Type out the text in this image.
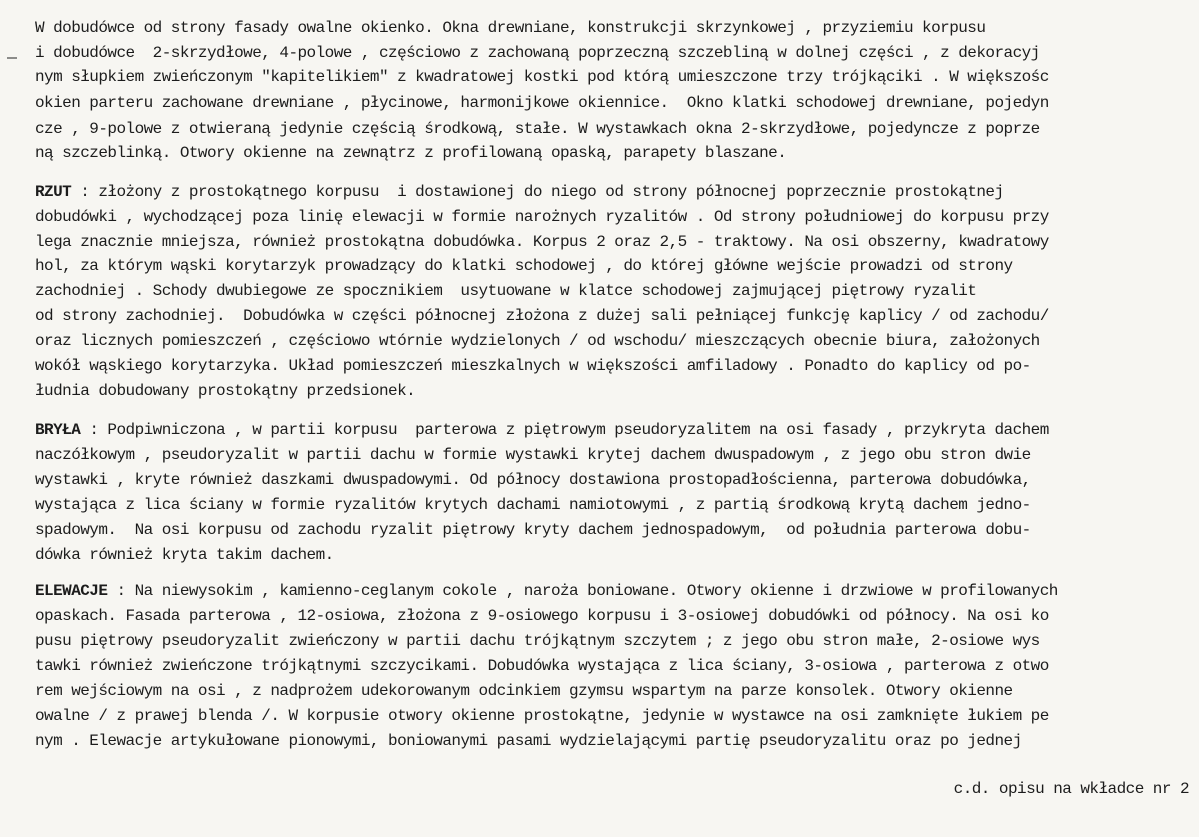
W dobudówce od strony fasady owalne okienko. Okna drewniane, konstrukcji skrzynkowej , przyziemiu korpusu
i dobudówce  2-skrzydłowe, 4-polowe , częściowo z zachowaną poprzeczną szczebliną w dolnej części , z dekoracyj
nym słupkiem zwieńczonym "kapitelikiem" z kwadratowej kostki pod którą umieszczone trzy trójkąciki . W większośc
okien parteru zachowane drewniane , płycinowe, harmonijkowe okiennice.  Okno klatki schodowej drewniane, pojedyn
cze , 9-polowe z otwieraną jedynie częścią środkową, stałe. W wystawkach okna 2-skrzydłowe, pojedyncze z poprze
ną szczeblinką. Otwory okienne na zewnątrz z profilowaną opaską, parapety blaszane.
RZUT : złożony z prostokątnego korpusu  i dostawionej do niego od strony północnej poprzecznie prostokątnej
dobudówki , wychodzącej poza linię elewacji w formie narożnych ryzalitów . Od strony południowej do korpusu przy
lega znacznie mniejsza, również prostokątna dobudówka. Korpus 2 oraz 2,5 - traktowy. Na osi obszerny, kwadratowy
hol, za którym wąski korytarzyk prowadzący do klatki schodowej , do której główne wejście prowadzi od strony
zachodniej . Schody dwubiegowe ze spocznikiem  usytuowane w klatce schodowej zajmującej piętrowy ryzalit
od strony zachodniej.  Dobudówka w części północnej złożona z dużej sali pełniącej funkcję kaplicy / od zachodu/
oraz licznych pomieszczeń , częściowo wtórnie wydzielonych / od wschodu/ mieszczących obecnie biura, założonych
wokół wąskiego korytarzyka. Układ pomieszczeń mieszkalnych w większości amfiladowy . Ponadto do kaplicy od po-
łudnia dobudowany prostokątny przedsionek.
BRYŁA : Podpiwniczona , w partii korpusu  parterowa z piętrowym pseudoryzalitem na osi fasady , przykryta dachem
naczółkowym , pseudoryzalit w partii dachu w formie wystawki krytej dachem dwuspadowym , z jego obu stron dwie
wystawki , kryte również daszkami dwuspadowymi. Od północy dostawiona prostopadłościenna, parterowa dobudówka,
wystająca z lica ściany w formie ryzalitów krytych dachami namiotowymi , z partią środkową krytą dachem jedno-
spadowym.  Na osi korpusu od zachodu ryzalit piętrowy kryty dachem jednospadowym,  od południa parterowa dobu-
dówka również kryta takim dachem.
ELEWACJE : Na niewysokim , kamienno-ceglanym cokole , naroża boniowane. Otwory okienne i drzwiowe w profilowanych
opaskach. Fasada parterowa , 12-osiowa, złożona z 9-osiowego korpusu i 3-osiowej dobudówki od północy. Na osi ko
pusu piętrowy pseudoryzalit zwieńczony w partii dachu trójkątnym szczytem ; z jego obu stron małe, 2-osiowe wys
tawki również zwieńczone trójkątnymi szczycikami. Dobudówka wystająca z lica ściany, 3-osiowa , parterowa z otwo
rem wejściowym na osi , z nadprożem udekorowanym odcinkiem gzymsu wspartym na parze konsolek. Otwory okienne
owalne / z prawej blenda /. W korpusie otwory okienne prostokątne, jedynie w wystawce na osi zamknięte łukiem pe
nym . Elewacje artykułowane pionowymi, boniowanymi pasami wydzielającymi partię pseudoryzalitu oraz po jednej
c.d. opisu na wkładce nr 2
